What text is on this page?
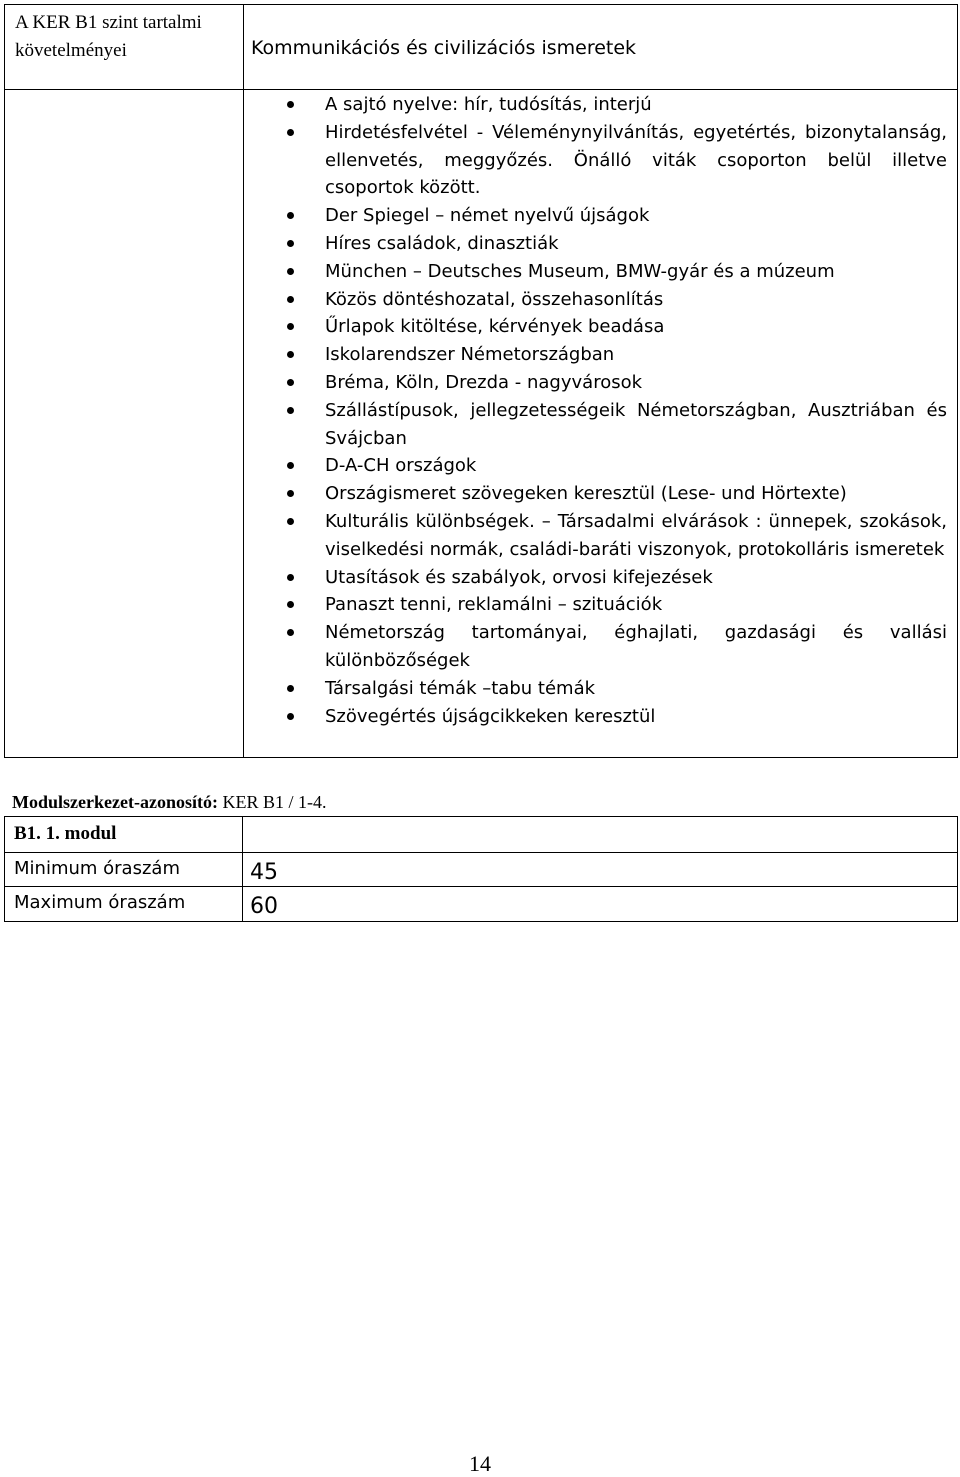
A KER B1 szint tartalmi követelményei	Kommunikációs és civilizációs ismeretek
A sajtó nyelve: hír, tudósítás, interjú
Hirdetésfelvétel - Véleménynyilvánítás, egyetértés, bizonytalanság, ellenvetés, meggyőzés. Önálló viták csoporton belül illetve csoportok között.
Der Spiegel – német nyelvű újságok
Híres családok, dinasztiák
München – Deutsches Museum, BMW-gyár és a múzeum
Közös döntéshozatal, összehasonlítás
Űrlapok kitöltése, kérvények beadása
Iskolarendszer Németországban
Bréma, Köln, Drezda - nagyvárosok
Szállástípusok, jellegzetességeik Németországban, Ausztriában és Svájcban
D-A-CH országok
Országismeret szövegeken keresztül (Lese- und Hörtexte)
Kulturális különbségek. – Társadalmi elvárások : ünnepek, szokások, viselkedési normák, családi-baráti viszonyok, protokolláris ismeretek
Utasítások és szabályok, orvosi kifejezések
Panaszt tenni, reklamálni – szituációk
Németország tartományai, éghajlati, gazdasági és vallási különbözőségek
Társalgási témák –tabu témák
Szövegértés újságcikkeken keresztül
Modulszerkezet-azonosító: KER B1 / 1-4.
B1. 1. modul
Minimum óraszám	45
Maximum óraszám	60
14
